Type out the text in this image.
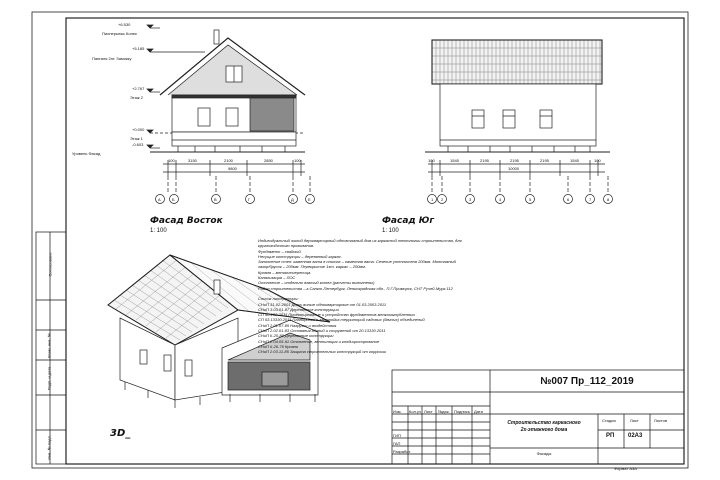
+6.530
Пионерьежс Конек
+5.185
Пангаля 2эт. Замокку
+2.767
Этаж 2
+0.000
Этаж 1
-0.603
Уровень Фасад
100	3150	2100	2850	100
9800
А	Б	В	Г	Д	Е
Фасад Восток
1: 100
100	1545	2195	2195	2195	1545	100
10000
1 2	3	4	5	6	7	8
Фасад Юг
1: 100
3D_
Индивидуальный жилой двухквартирный одноэтажный дом из каркасной технологии строительства, для
круглогодичного проживания.
Фундамент – свайный.
Несущие конструкции – деревянный каркас.
Заполнение стен: каменная вата в плитах – каменная вата. Сечение утеплителя 200мм. Монтажный
зазор/брусок – 200мм. Перекрытие 1эт. каркас – 200мм.
Кровля – металлочерепица.
Канализация – ЛОС
Отопление – отдельно взятый котел (расчеты выполнены)
Район строительства – г.Санкт-Петербург, Ленинградская обл., П.Г.Приморск, СНТ Ручей-Мурк.112

Список литературы:
СНиП 31-02-2001 Дома жилые одноквартирные от 01.03.2003.2011
СНиП 3.03.01-87 Деревянные конструкции
СП 50-102-2011 Проектирование и устройство фундаментов мелкозаглубленных
СП 53.13330.2011 Планировка и застройка территорий садовых (дачных) объединений
СНиП 2.01.07-85 Нагрузки и воздействия
СНиП 2.02.01-83 Основания зданий и сооружений от 20.13330.2011
СНиП II-25-80 Деревянные конструкции
СНиП 2.04.05-91 Отопление, вентиляция и кондиционирование
СНиП II-26-76 Кровли
СНиП 2.03.11-85 Защита строительных конструкций от коррозии
№007 Пр_112_2019
Изм. Кол.уч Лист №док. Подпись Дата
ГИП
ГАП
Разработ.
Строительство каркасного
2х-этажного дома
Фасады
Стадия	Лист	Листов
РП 02А3
Формат А3А
Согласовано
Взам. инв. №
Подп. и дата
Инв. № подл.
